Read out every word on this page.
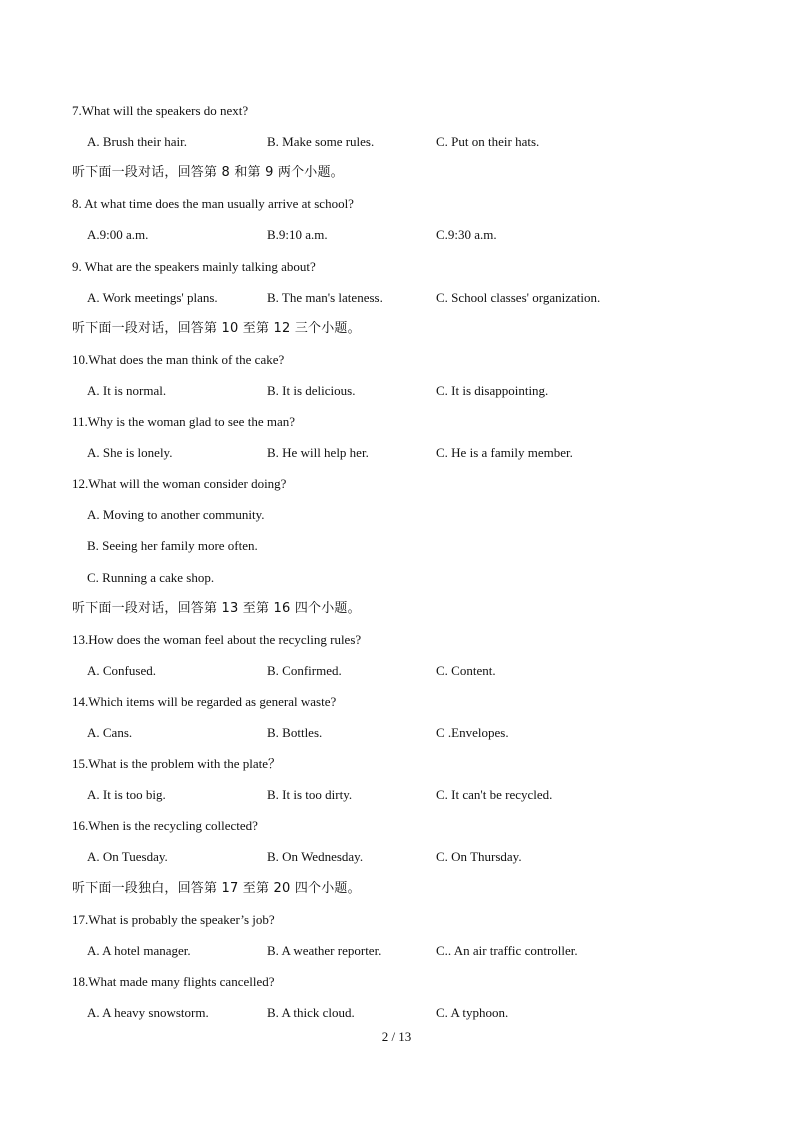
7.What will the speakers do next?
A. Brush their hair.	B. Make some rules.	C. Put on their hats.
听下面一段对话，回答第 8 和第 9 两个小题。
8. At what time does the man usually arrive at school?
A.9:00 a.m.	B.9:10 a.m.	C.9:30 a.m.
9. What are the speakers mainly talking about?
A. Work meetings' plans.	B. The man's lateness.	C. School classes' organization.
听下面一段对话，回答第 10 至第 12 三个小题。
10.What does the man think of the cake?
A. It is normal.	B. It is delicious.	C. It is disappointing.
11.Why is the woman glad to see the man?
A. She is lonely.	B. He will help her.	C. He is a family member.
12.What will the woman consider doing?
A. Moving to another community.
B. Seeing her family more often.
C. Running a cake shop.
听下面一段对话，回答第 13 至第 16 四个小题。
13.How does the woman feel about the recycling rules?
A. Confused.	B. Confirmed.	C. Content.
14.Which items will be regarded as general waste?
A. Cans.	B. Bottles.	C .Envelopes.
15.What is the problem with the plate？
A. It is too big.	B. It is too dirty.	C. It can't be recycled.
16.When is the recycling collected?
A. On Tuesday.	B. On Wednesday.	C. On Thursday.
听下面一段独白，回答第 17 至第 20 四个小题。
17.What is probably the speaker’s job?
A. A hotel manager.	B. A weather reporter.	C.. An air traffic controller.
18.What made many flights cancelled?
A. A heavy snowstorm.	B. A thick cloud.	C. A typhoon.
2 / 13
